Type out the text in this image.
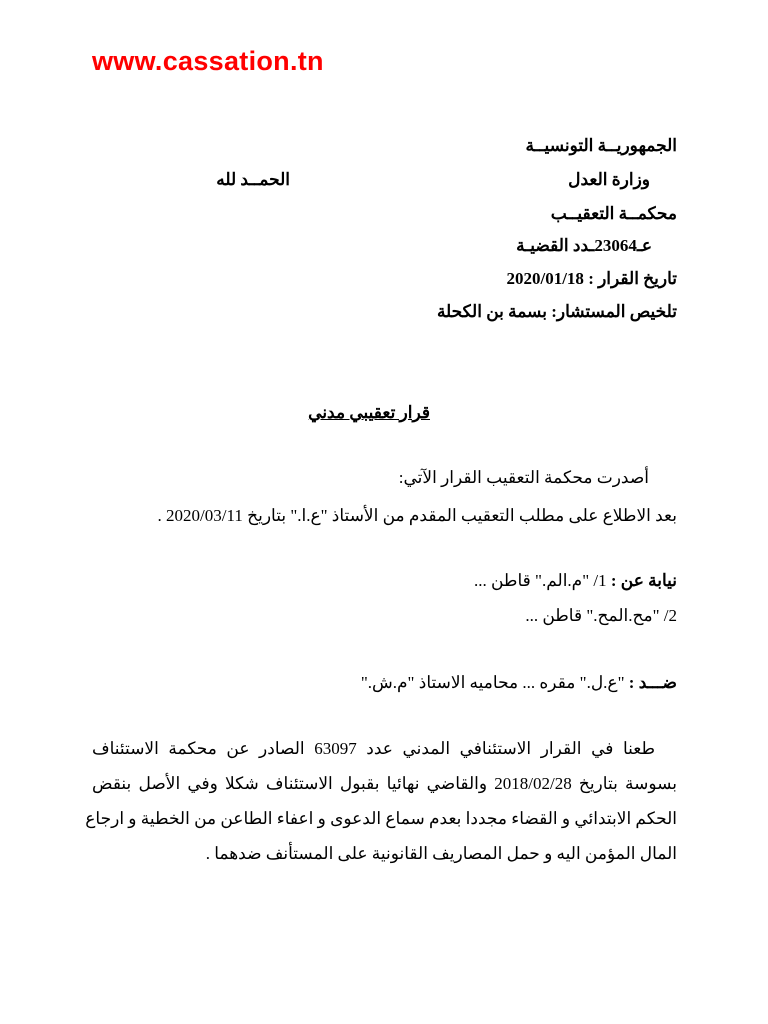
www.cassation.tn
الجمهوريــة التونسيــة
وزارة العدل
الحمــد لله
محكمــة التعقيــب
عـ23064ـدد القضيـة
تاريخ القرار : 2020/01/18
تلخيص المستشار: بسمة بن الكحلة
قرار تعقيبي مدني
أصدرت محكمة التعقيب القرار الآتي:
بعد الاطلاع على مطلب التعقيب المقدم من الأستاذ "ع.ا." بتاريخ 2020/03/11 .
نيابة عن : 1/ "م.الم." قاطن ...
2/ "مح.المح." قاطن ...
ضـــد : "ع.ل." مقره ... محاميه الاستاذ "م.ش."
طعنا في القرار الاستئنافي المدني عدد 63097 الصادر عن محكمة الاستئناف
بسوسة بتاريخ 2018/02/28 والقاضي نهائيا بقبول الاستئناف شكلا وفي الأصل بنقض
الحكم الابتدائي و القضاء مجددا بعدم سماع الدعوى و اعفاء الطاعن من الخطية و ارجاع
المال المؤمن اليه و حمل المصاريف القانونية على المستأنف ضدهما .
